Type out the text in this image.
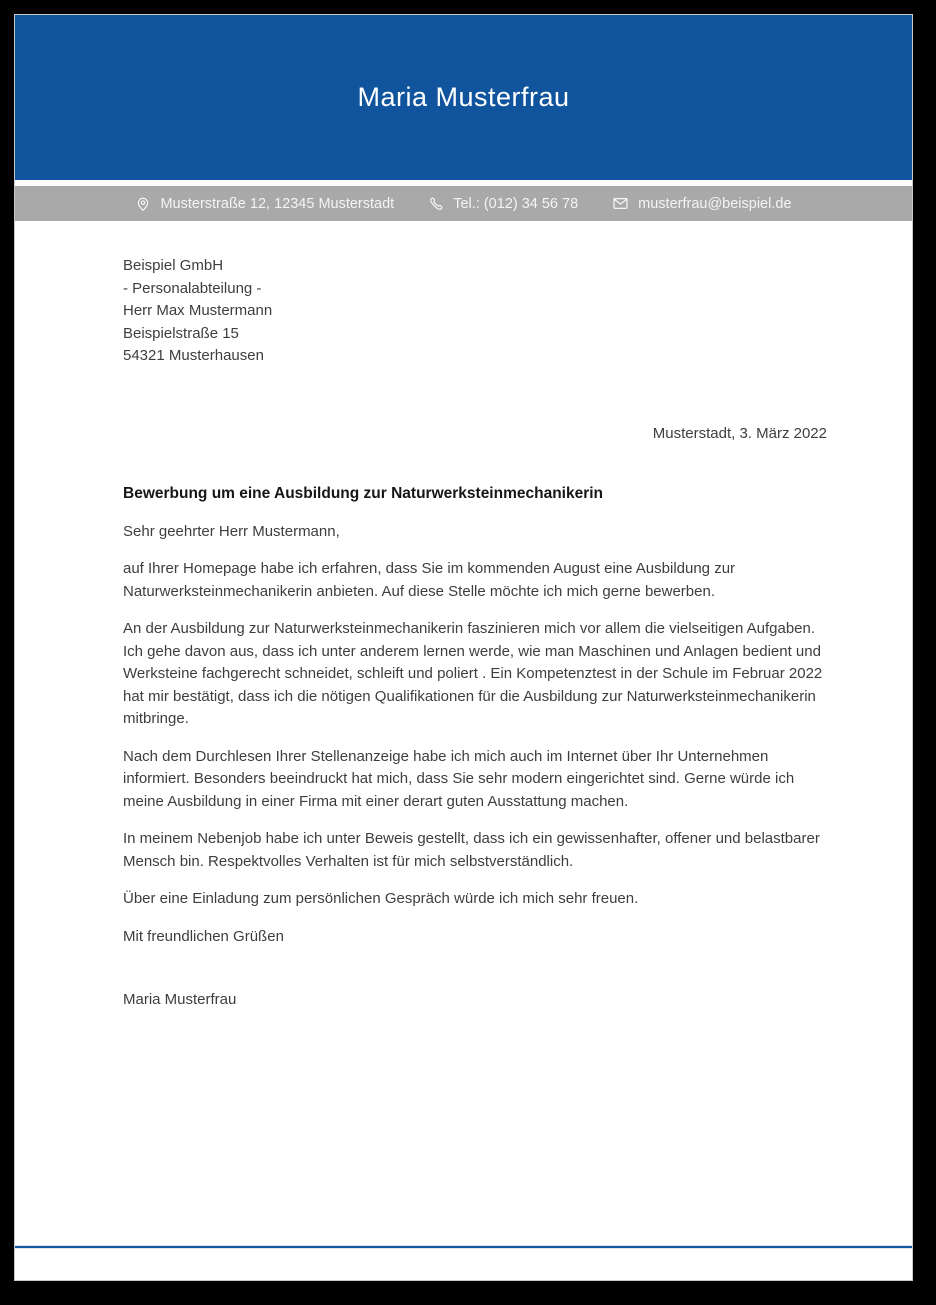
Maria Musterfrau
Musterstraße 12, 12345 Musterstadt	Tel.: (012) 34 56 78	musterfrau@beispiel.de
Beispiel GmbH
- Personalabteilung -
Herr Max Mustermann
Beispielstraße 15
54321 Musterhausen
Musterstadt, 3. März 2022
Bewerbung um eine Ausbildung zur Naturwerksteinmechanikerin
Sehr geehrter Herr Mustermann,
auf Ihrer Homepage habe ich erfahren, dass Sie im kommenden August eine Ausbildung zur Naturwerksteinmechanikerin anbieten. Auf diese Stelle möchte ich mich gerne bewerben.
An der Ausbildung zur Naturwerksteinmechanikerin faszinieren mich vor allem die vielseitigen Aufgaben. Ich gehe davon aus, dass ich unter anderem lernen werde, wie man Maschinen und Anlagen bedient und Werksteine fachgerecht schneidet, schleift und poliert . Ein Kompetenztest in der Schule im Februar 2022 hat mir bestätigt, dass ich die nötigen Qualifikationen für die Ausbildung zur Naturwerksteinmechanikerin mitbringe.
Nach dem Durchlesen Ihrer Stellenanzeige habe ich mich auch im Internet über Ihr Unternehmen informiert. Besonders beeindruckt hat mich, dass Sie sehr modern eingerichtet sind. Gerne würde ich meine Ausbildung in einer Firma mit einer derart guten Ausstattung machen.
In meinem Nebenjob habe ich unter Beweis gestellt, dass ich ein gewissenhafter, offener und belastbarer Mensch bin. Respektvolles Verhalten ist für mich selbstverständlich.
Über eine Einladung zum persönlichen Gespräch würde ich mich sehr freuen.
Mit freundlichen Grüßen
Maria Musterfrau
